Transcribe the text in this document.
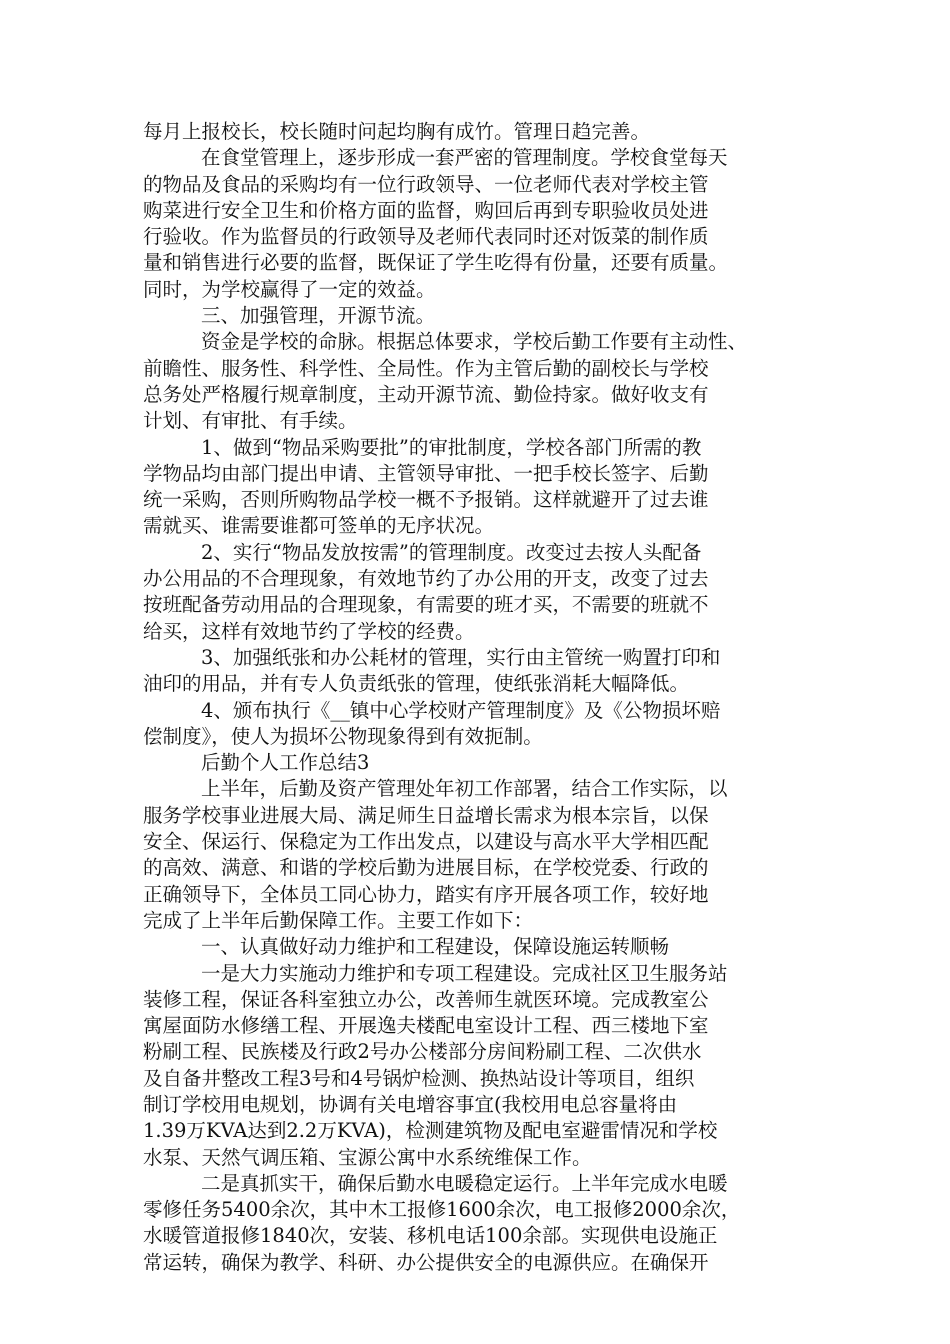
每月上报校长，校长随时问起均胸有成竹。管理日趋完善。
在食堂管理上，逐步形成一套严密的管理制度。学校食堂每天
的物品及食品的采购均有一位行政领导、一位老师代表对学校主管
购菜进行安全卫生和价格方面的监督，购回后再到专职验收员处进
行验收。作为监督员的行政领导及老师代表同时还对饭菜的制作质
量和销售进行必要的监督，既保证了学生吃得有份量，还要有质量。
同时，为学校赢得了一定的效益。
三、加强管理，开源节流。
资金是学校的命脉。根据总体要求，学校后勤工作要有主动性、
前瞻性、服务性、科学性、全局性。作为主管后勤的副校长与学校
总务处严格履行规章制度，主动开源节流、勤俭持家。做好收支有
计划、有审批、有手续。
1、做到“物品采购要批”的审批制度，学校各部门所需的教
学物品均由部门提出申请、主管领导审批、一把手校长签字、后勤
统一采购，否则所购物品学校一概不予报销。这样就避开了过去谁
需就买、谁需要谁都可签单的无序状况。
2、实行“物品发放按需”的管理制度。改变过去按人头配备
办公用品的不合理现象，有效地节约了办公用的开支，改变了过去
按班配备劳动用品的合理现象，有需要的班才买，不需要的班就不
给买，这样有效地节约了学校的经费。
3、加强纸张和办公耗材的管理，实行由主管统一购置打印和
油印的用品，并有专人负责纸张的管理，使纸张消耗大幅降低。
4、颁布执行《__镇中心学校财产管理制度》及《公物损坏赔
偿制度》，使人为损坏公物现象得到有效扼制。
后勤个人工作总结3
上半年，后勤及资产管理处年初工作部署，结合工作实际，以
服务学校事业进展大局、满足师生日益增长需求为根本宗旨，以保
安全、保运行、保稳定为工作出发点，以建设与高水平大学相匹配
的高效、满意、和谐的学校后勤为进展目标，在学校党委、行政的
正确领导下，全体员工同心协力，踏实有序开展各项工作，较好地
完成了上半年后勤保障工作。主要工作如下：
一、认真做好动力维护和工程建设，保障设施运转顺畅
一是大力实施动力维护和专项工程建设。完成社区卫生服务站
装修工程，保证各科室独立办公，改善师生就医环境。完成教室公
寓屋面防水修缮工程、开展逸夫楼配电室设计工程、西三楼地下室
粉刷工程、民族楼及行政2号办公楼部分房间粉刷工程、二次供水
及自备井整改工程3号和4号锅炉检测、换热站设计等项目，组织
制订学校用电规划，协调有关电增容事宜(我校用电总容量将由
1.39万KVA达到2.2万KVA)，检测建筑物及配电室避雷情况和学校
水泵、天然气调压箱、宝源公寓中水系统维保工作。
二是真抓实干，确保后勤水电暖稳定运行。上半年完成水电暖
零修任务5400余次，其中木工报修1600余次，电工报修2000余次，
水暖管道报修1840次，安装、移机电话100余部。实现供电设施正
常运转，确保为教学、科研、办公提供安全的电源供应。在确保开
